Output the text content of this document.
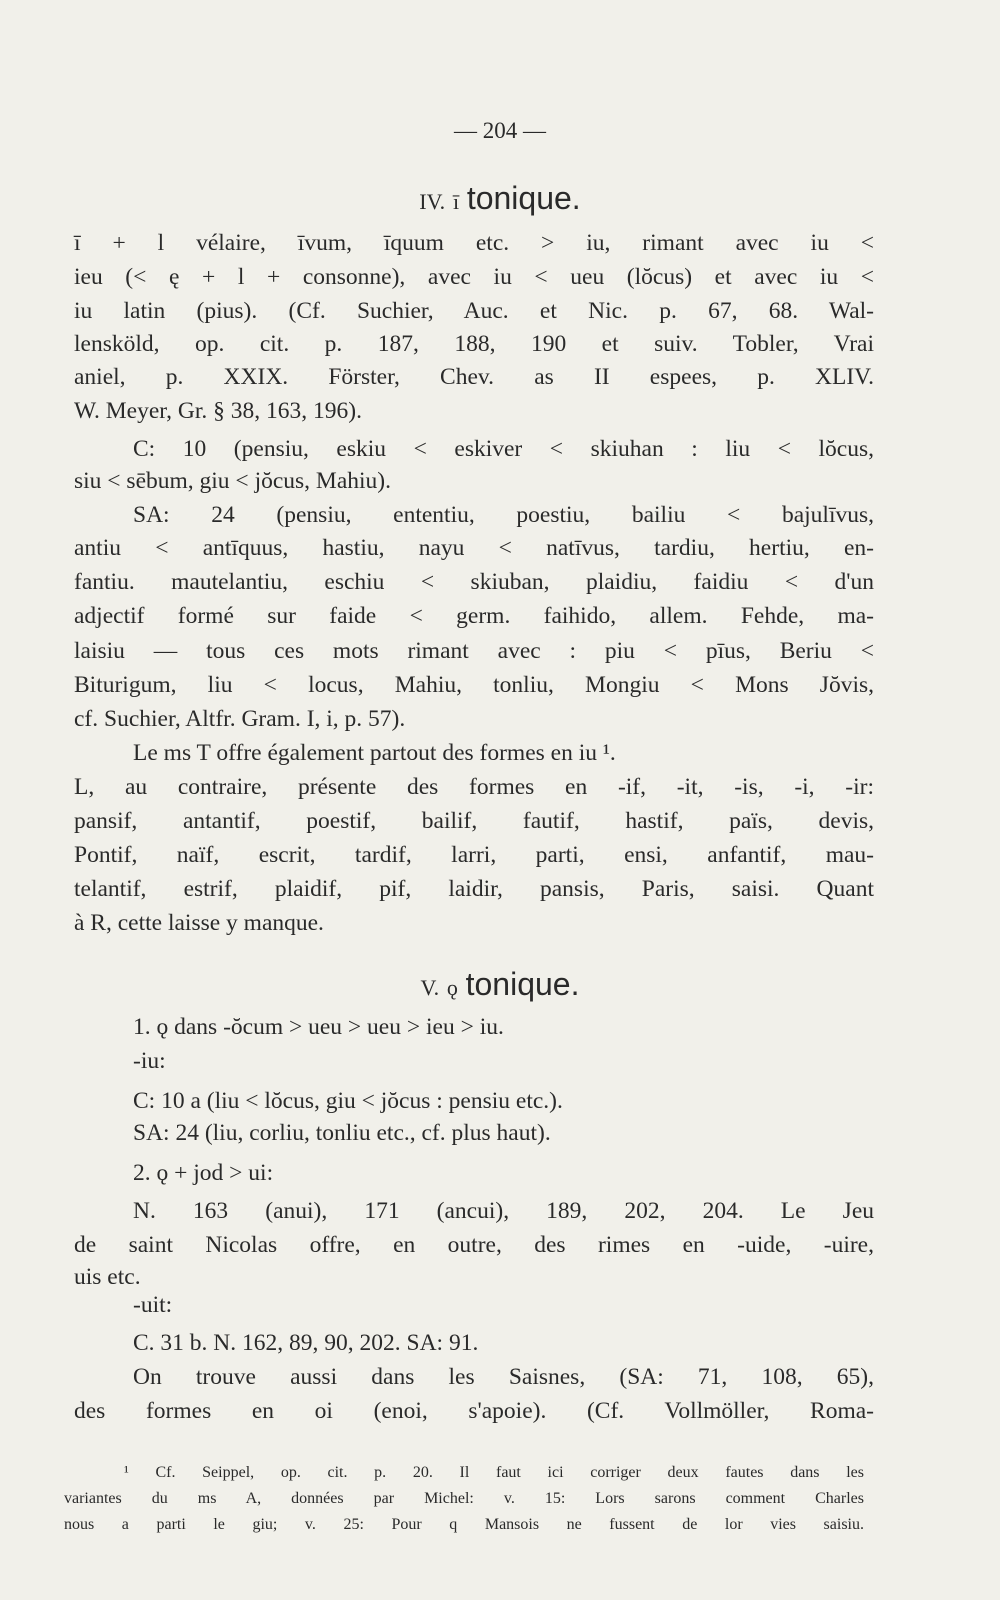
— 204 —
IV. ī tonique.
ī + l vélaire, īvum, īquum etc. > iu, rimant avec iu <
ieu (< ę + l + consonne), avec iu < ueu (lŏcus) et avec iu <
iu latin (pius). (Cf. Suchier, Auc. et Nic. p. 67, 68. Wal-
lensköld, op. cit. p. 187, 188, 190 et suiv. Tobler, Vrai
aniel, p. XXIX. Förster, Chev. as II espees, p. XLIV.
W. Meyer, Gr. § 38, 163, 196).
C: 10 (pensiu, eskiu < eskiver < skiuhan : liu < lŏcus,
siu < sēbum, giu < jŏcus, Mahiu).
SA: 24 (pensiu, ententiu, poestiu, bailiu < bajulīvus,
antiu < antīquus, hastiu, nayu < natīvus, tardiu, hertiu, en-
fantiu. mautelantiu, eschiu < skiuban, plaidiu, faidiu < d'un
adjectif formé sur faide < germ. faihido, allem. Fehde, ma-
laisiu — tous ces mots rimant avec : piu < pīus, Beriu <
Biturigum, liu < locus, Mahiu, tonliu, Mongiu < Mons Jŏvis,
cf. Suchier, Altfr. Gram. I, i, p. 57).
Le ms T offre également partout des formes en iu ¹.
L, au contraire, présente des formes en -if, -it, -is, -i, -ir:
pansif, antantif, poestif, bailif, fautif, hastif, païs, devis,
Pontif, naïf, escrit, tardif, larri, parti, ensi, anfantif, mau-
telantif, estrif, plaidif, pif, laidir, pansis, Paris, saisi. Quant
à R, cette laisse y manque.
V. ǫ tonique.
1. ǫ dans -ŏcum > ueu > ueu > ieu > iu.
-iu:
C: 10 a (liu < lŏcus, giu < jŏcus : pensiu etc.).
SA: 24 (liu, corliu, tonliu etc., cf. plus haut).
2. ǫ + jod > ui:
N. 163 (anui), 171 (ancui), 189, 202, 204. Le Jeu
de saint Nicolas offre, en outre, des rimes en -uide, -uire,
uis etc.
-uit:
C. 31 b. N. 162, 89, 90, 202. SA: 91.
On trouve aussi dans les Saisnes, (SA: 71, 108, 65),
des formes en oi (enoi, s'apoie). (Cf. Vollmöller, Roma-
¹ Cf. Seippel, op. cit. p. 20. Il faut ici corriger deux fautes dans les
variantes du ms A, données par Michel: v. 15: Lors sarons comment Charles
nous a parti le giu; v. 25: Pour q Mansois ne fussent de lor vies saisiu.
